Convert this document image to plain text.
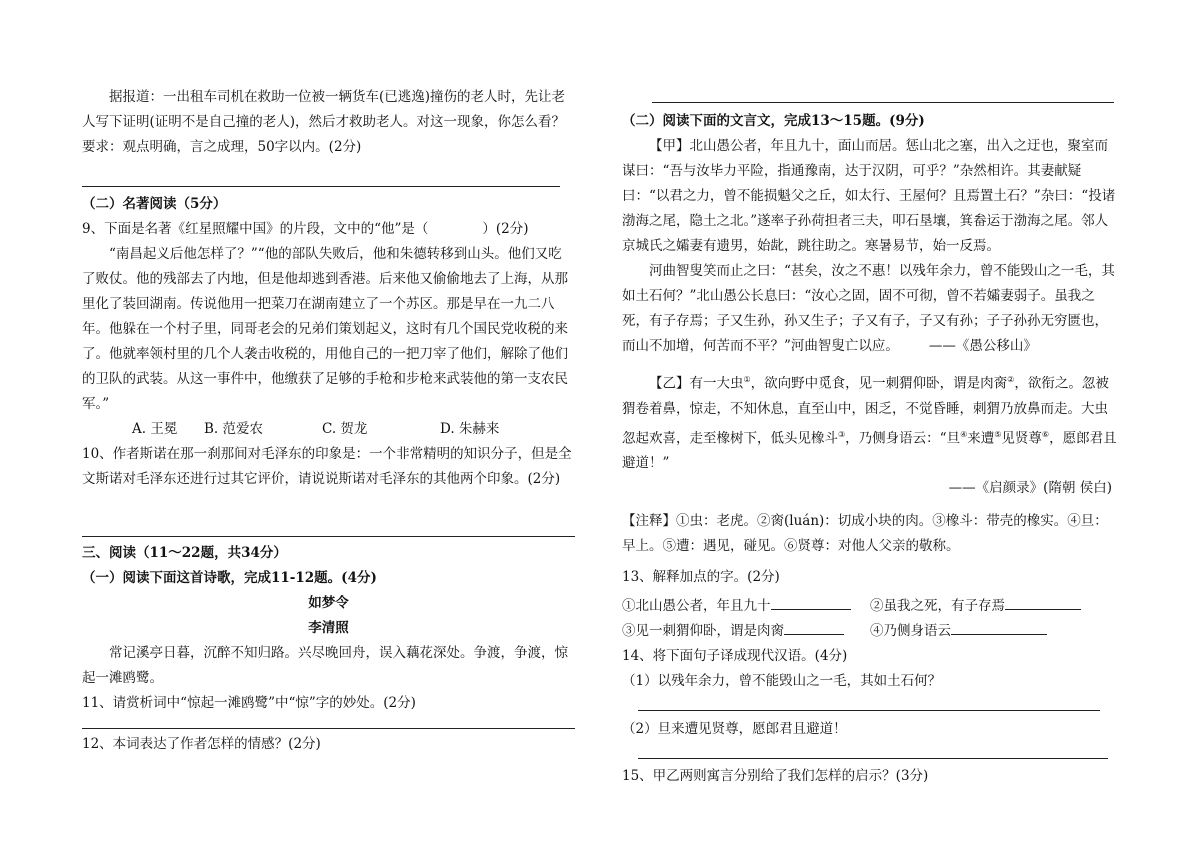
据报道：一出租车司机在救助一位被一辆货车(已逃逸)撞伤的老人时，先让老人写下证明(证明不是自己撞的老人)，然后才救助老人。对这一现象，你怎么看？要求：观点明确，言之成理，50字以内。(2分)

（二）名著阅读（5分）

9、下面是名著《红星照耀中国》的片段，文中的“他”是（　　　　）(2分)

“南昌起义后他怎样了？”“他的部队失败后，他和朱德转移到山头。他们又吃了败仗。他的残部去了内地，但是他却逃到香港。后来他又偷偷地去了上海，从那里化了装回湖南。传说他用一把菜刀在湖南建立了一个苏区。那是早在一九二八年。他躲在一个村子里，同哥老会的兄弟们策划起义，这时有几个国民党收税的来了。他就率领村里的几个人袭击收税的，用他自己的一把刀宰了他们，解除了他们的卫队的武装。从这一事件中，他缴获了足够的手枪和步枪来武装他的第一支农民军。”

A. 王冕	B. 范爱农	C. 贺龙	D. 朱赫来

10、作者斯诺在那一刹那间对毛泽东的印象是：一个非常精明的知识分子，但是全文斯诺对毛泽东还进行过其它评价，请说说斯诺对毛泽东的其他两个印象。(2分)

三、阅读（11～22题，共34分）

（一）阅读下面这首诗歌，完成11-12题。(4分)

如梦令

李清照

常记溪亭日暮，沉醉不知归路。兴尽晚回舟，误入藕花深处。争渡，争渡，惊起一滩鸥鹭。

11、请赏析词中“惊起一滩鸥鹭”中“惊”字的妙处。(2分)

12、本词表达了作者怎样的情感？(2分)

（二）阅读下面的文言文，完成13～15题。(9分)

【甲】北山愚公者，年且九十，面山而居。惩山北之塞，出入之迂也，聚室而谋曰：“吾与汝毕力平险，指通豫南，达于汉阴，可乎？”杂然相许。其妻献疑曰：“以君之力，曾不能损魁父之丘，如太行、王屋何？且焉置土石？”杂曰：“投诸渤海之尾，隐土之北。”遂率子孙荷担者三夫，叩石垦壤，箕畚运于渤海之尾。邻人京城氏之孀妻有遗男，始龀，跳往助之。寒暑易节，始一反焉。

河曲智叟笑而止之曰：“甚矣，汝之不惠！以残年余力，曾不能毁山之一毛，其如土石何？”北山愚公长息曰：“汝心之固，固不可彻，曾不若孀妻弱子。虽我之死，有子存焉；子又生孙，孙又生子；子又有子，子又有孙；子子孙孙无穷匮也，而山不加增，何苦而不平？”河曲智叟亡以应。 ——《愚公移山》

【乙】有一大虫①，欲向野中觅食，见一刺猬仰卧，谓是肉脔②，欲衔之。忽被猬卷着鼻，惊走，不知休息，直至山中，困乏，不觉昏睡，刺猬乃放鼻而走。大虫忽起欢喜，走至橡树下，低头见橡斗③，乃侧身语云：“旦④来遭⑤见贤尊⑥，愿郎君且避道！”

——《启颜录》(隋朝 侯白)

【注释】①虫：老虎。②脔(luán)：切成小块的肉。③橡斗：带壳的橡实。④旦：早上。⑤遭：遇见，碰见。⑥贤尊：对他人父亲的敬称。

13、解释加点的字。(2分)

①北山愚公者，年且九十	②虽我之死，有子存焉
③见一刺猬仰卧，谓是肉脔	④乃侧身语云

14、将下面句子译成现代汉语。(4分)

（1）以残年余力，曾不能毁山之一毛，其如土石何？

（2）旦来遭见贤尊，愿郎君且避道！

15、甲乙两则寓言分别给了我们怎样的启示？(3分)
